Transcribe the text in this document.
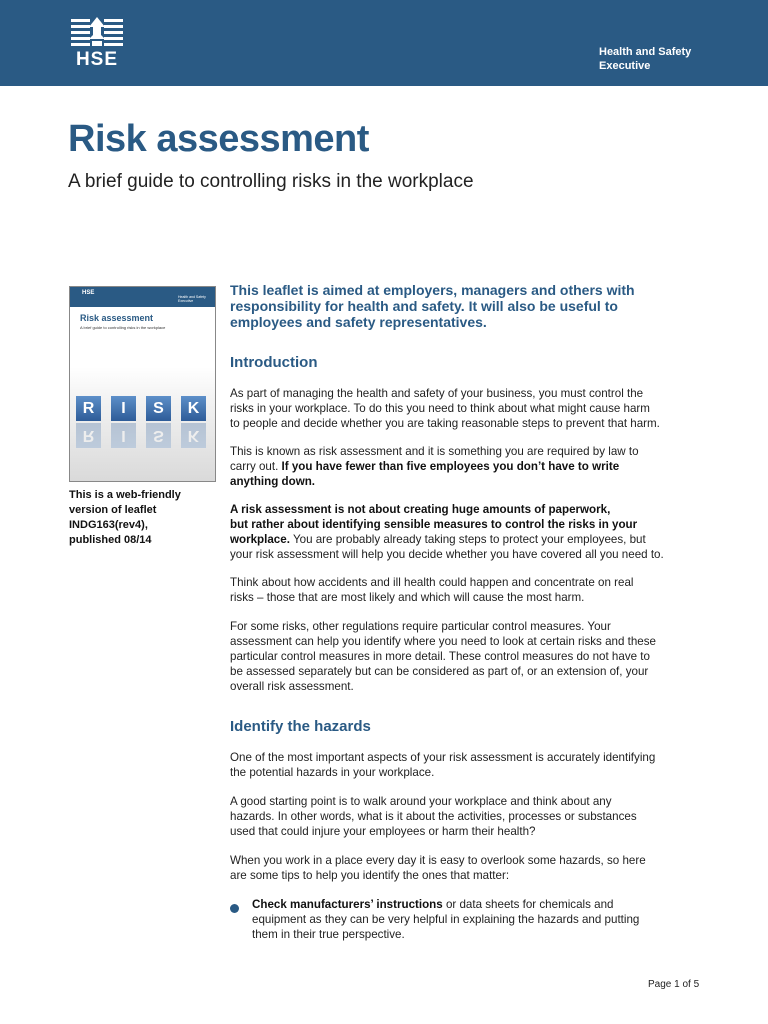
HSE	Health and Safety
Executive
Risk assessment
A brief guide to controlling risks in the workplace
HSE
Health and Safety
Executive
Risk assessment
A brief guide to controlling risks in the workplace
R	I	S	K
R	I	S	K
This is a web-friendly
version of leaflet
INDG163(rev4),
published 08/14
This leaflet is aimed at employers, managers and others with
responsibility for health and safety. It will also be useful to
employees and safety representatives.
Introduction
As part of managing the health and safety of your business, you must control the
risks in your workplace. To do this you need to think about what might cause harm
to people and decide whether you are taking reasonable steps to prevent that harm.
This is known as risk assessment and it is something you are required by law to
carry out. If you have fewer than five employees you don’t have to write
anything down.
A risk assessment is not about creating huge amounts of paperwork,
but rather about identifying sensible measures to control the risks in your
workplace. You are probably already taking steps to protect your employees, but
your risk assessment will help you decide whether you have covered all you need to.
Think about how accidents and ill health could happen and concentrate on real
risks – those that are most likely and which will cause the most harm.
For some risks, other regulations require particular control measures. Your
assessment can help you identify where you need to look at certain risks and these
particular control measures in more detail. These control measures do not have to
be assessed separately but can be considered as part of, or an extension of, your
overall risk assessment.
Identify the hazards
One of the most important aspects of your risk assessment is accurately identifying
the potential hazards in your workplace.
A good starting point is to walk around your workplace and think about any
hazards. In other words, what is it about the activities, processes or substances
used that could injure your employees or harm their health?
When you work in a place every day it is easy to overlook some hazards, so here
are some tips to help you identify the ones that matter:
Check manufacturers’ instructions or data sheets for chemicals and
equipment as they can be very helpful in explaining the hazards and putting
them in their true perspective.
Page 1 of 5
